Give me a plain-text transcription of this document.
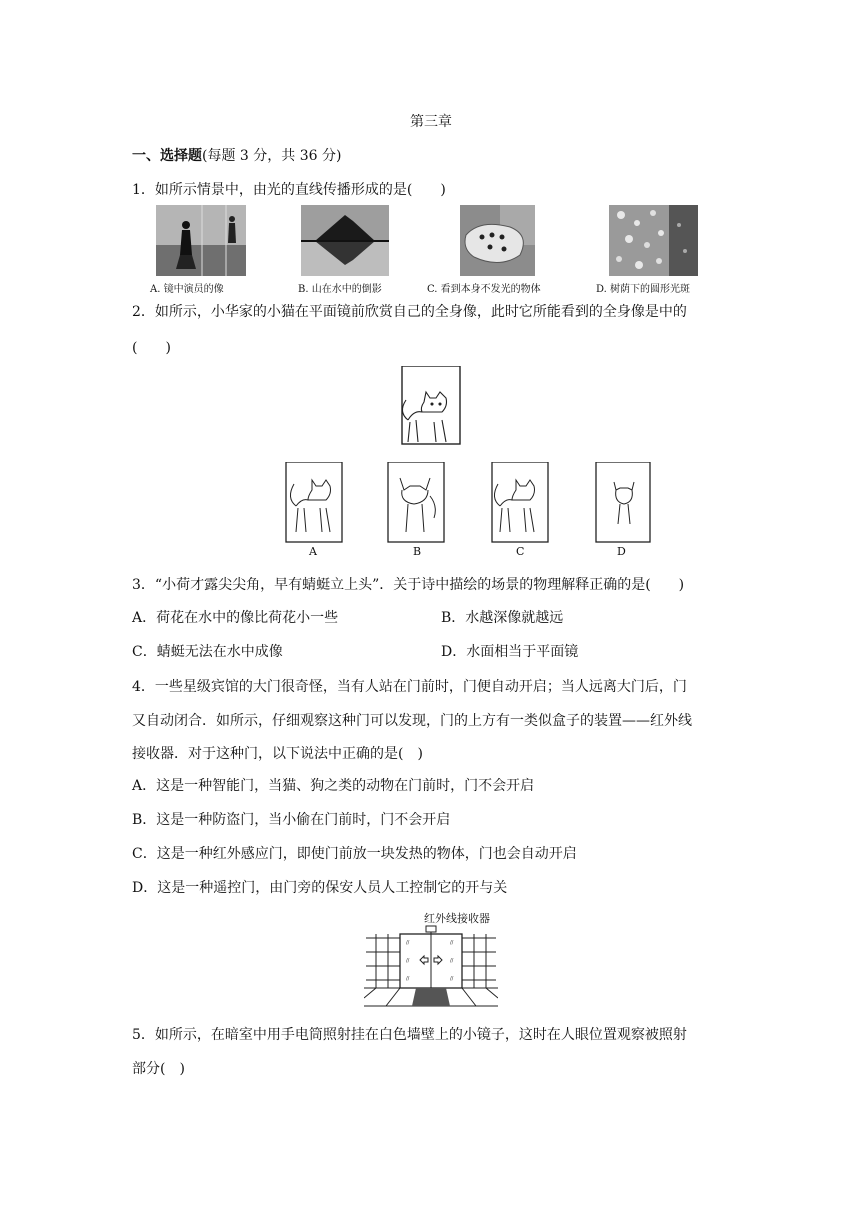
第三章
一、选择题(每题 3 分，共 36 分)
1．如所示情景中，由光的直线传播形成的是(　　)
A. 镜中演员的像	B. 山在水中的倒影	C. 看到本身不发光的物体	D. 树荫下的圆形光斑
2．如所示，小华家的小猫在平面镜前欣赏自己的全身像，此时它所能看到的全身像是中的
(　　)
A	B	C	D
3．“小荷才露尖尖角，早有蜻蜓立上头”．关于诗中描绘的场景的物理解释正确的是(　　)
A．荷花在水中的像比荷花小一些	B．水越深像就越远
C．蜻蜓无法在水中成像	D．水面相当于平面镜
4．一些星级宾馆的大门很奇怪，当有人站在门前时，门便自动开启；当人远离大门后，门
又自动闭合．如所示，仔细观察这种门可以发现，门的上方有一类似盒子的装置——红外线
接收器．对于这种门，以下说法中正确的是(　)
A．这是一种智能门，当猫、狗之类的动物在门前时，门不会开启
B．这是一种防盗门，当小偷在门前时，门不会开启
C．这是一种红外感应门，即使门前放一块发热的物体，门也会自动开启
D．这是一种遥控门，由门旁的保安人员人工控制它的开与关
红外线接收器
//	//
//	//
//	//
5．如所示，在暗室中用手电筒照射挂在白色墙壁上的小镜子，这时在人眼位置观察被照射
部分(　)
